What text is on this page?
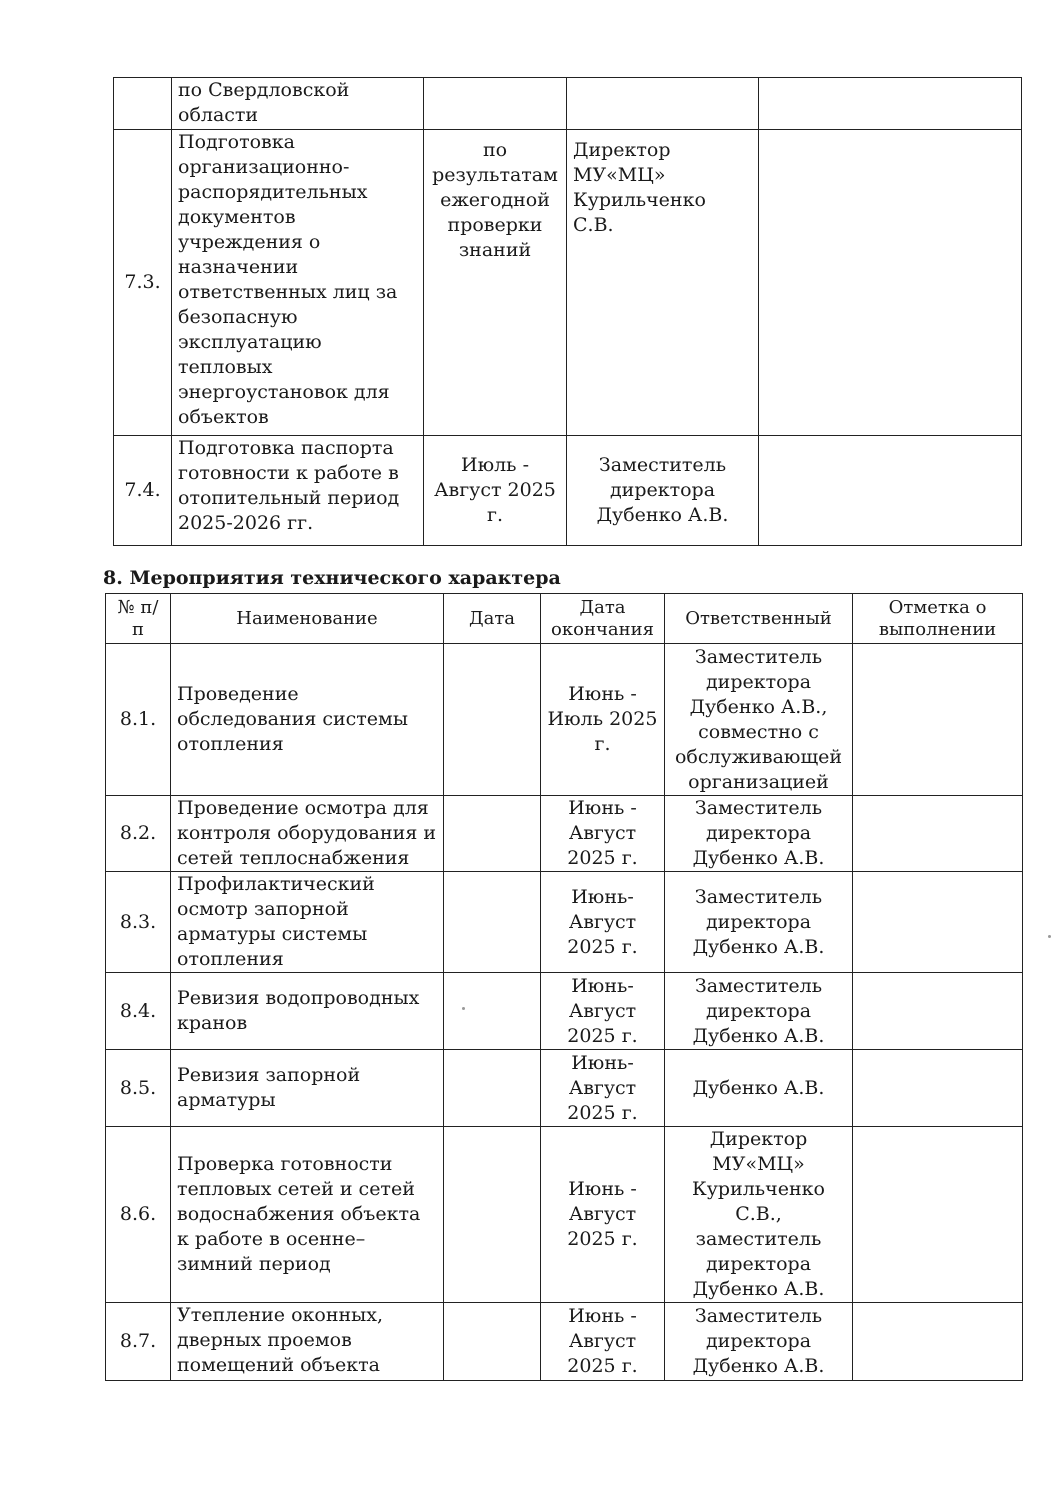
	по Свердловской области			
7.3.	Подготовка организационно-распорядительных документов учреждения о назначении ответственных лиц за безопасную эксплуатацию тепловых энергоустановок для объектов	по результатам ежегодной проверки знаний	Директор МУ«МЦ» Курильченко С.В.	
7.4.	Подготовка паспорта готовности к работе в отопительный период 2025-2026 гг.	Июль - Август 2025 г.	Заместитель директора Дубенко А.В.	
8. Мероприятия технического характера
№ п/п	Наименование	Дата	Дата окончания	Ответственный	Отметка о выполнении
8.1.	Проведение обследования системы отопления		Июнь - Июль 2025 г.	Заместитель директора Дубенко А.В., совместно с обслуживающей организацией	
8.2.	Проведение осмотра для контроля оборудования и сетей теплоснабжения		Июнь - Август 2025 г.	Заместитель директора Дубенко А.В.	
8.3.	Профилактический осмотр запорной арматуры системы отопления		Июнь- Август 2025 г.	Заместитель директора Дубенко А.В.	
8.4.	Ревизия водопроводных кранов		Июнь- Август 2025 г.	Заместитель директора Дубенко А.В.	
8.5.	Ревизия запорной арматуры		Июнь- Август 2025 г.	Дубенко А.В.	
8.6.	Проверка готовности тепловых сетей и сетей водоснабжения объекта к работе в осенне–зимний период		Июнь - Август 2025 г.	Директор МУ«МЦ» Курильченко С.В., заместитель директора Дубенко А.В.	
8.7.	Утепление оконных, дверных проемов помещений объекта		Июнь - Август 2025 г.	Заместитель директора Дубенко А.В.	
